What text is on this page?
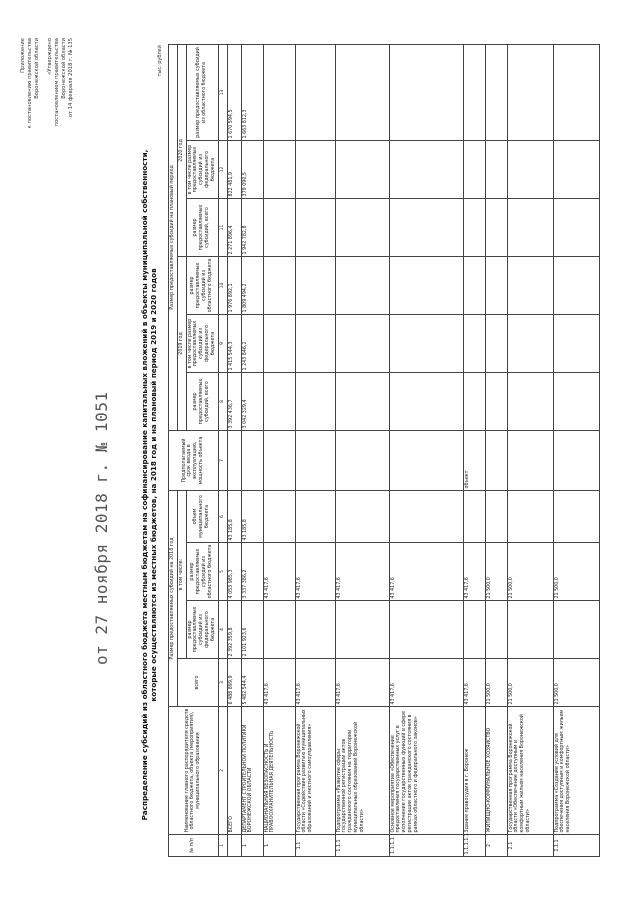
Приложение к постановлению правительства Воронежской области «Утверждено постановлением правительства Воронежской области от 14 февраля 2018 г. № 135
от 27 ноября 2018 г. № 1051	Распределение субсидий из областного бюджета местным бюджетам на софинансирование капитальных вложений в объекты муниципальной собственности, которые осуществляются из местных бюджетов, на 2018 год и на плановый период 2019 и 2020 годов
тыс. рублей
№ п/п	Наименование главного распорядителя средств областного бюджета, объекта (мероприятия), муниципального образования	Размер предоставляемых субсидий на 2018 год				Предполагаемый срок ввода в эксплуатацию, мощность объекта	Размер предоставляемых субсидий на плановый период					
		всего	в том числе:				2019 год			2020 год		
			размер предоставляемых субсидий из федерального бюджета	размер предоставляемых субсидий из областного бюджета	объем муниципального бюджета		размер предоставляемых субсидий, всего	в том числе размер предоставляемых субсидий из федерального бюджета	размер предоставляемых субсидий из областного бюджета	размер предоставляемых субсидий, всего	в том числе размер предоставляемых субсидий из федерального бюджета	размер предоставляемых субсидий из областного бюджета

1	2	3	4	5	6	7	8	9	10	11	12	13
	ВСЕГО	6 488 899,9	2 392 359,8	4 053 985,3	43 185,8		3 392 436,7	1 415 544,3	1 976 892,1	2 271 896,4	822 481,9	1 670 594,5
1	ДЕПАРТАМЕНТ СТРОИТЕЛЬНОЙ ПОЛИТИКИ ВОРОНЕЖСКОЙ ОБЛАСТИ	5 482 544,4	2 101 923,6	3 337 386,2	43 185,8		3 042 329,4	1 243 846,2	1 809 494,2	1 942 782,8	379 090,5	1 663 812,3
1	НАЦИОНАЛЬНАЯ БЕЗОПАСНОСТЬ И ПРАВООХРАНИТЕЛЬНАЯ ДЕЯТЕЛЬНОСТЬ	43 417,6		43 417,6								
1.1	Государственная программа Воронежской области «Содействие развитию муниципальных образований и местного самоуправления»	43 417,6		43 417,6								
1.1.1	Подпрограмма «Развитие сферы государственной регистрации актов гражданского состояния на территории муниципальных образований Воронежской области»	43 417,6		43 417,6								
1.1.1.1	Основное мероприятие «Обеспечение предоставления государственных услуг в исполнение государственных функций в сфере регистрации актов гражданского состояния в рамках областного и федерального законов»	43 417,6		43 417,6								
1.1.1.1.1	Здание правосудия в г. Воронеж	43 417,6		43 417,6		объект						
2	ЖИЛИЩНО-КОММУНАЛЬНОЕ ХОЗЯЙСТВО	21 500,0		21 500,0								
2.1	Государственная программа Воронежской области «Обеспечение доступным и комфортным жильем населения Воронежской области»	21 500,0		21 500,0								
2.1.1	Подпрограмма «Создание условий для обеспечения доступным и комфортным жильем населения Воронежской области»	21 500,0		21 500,0								
